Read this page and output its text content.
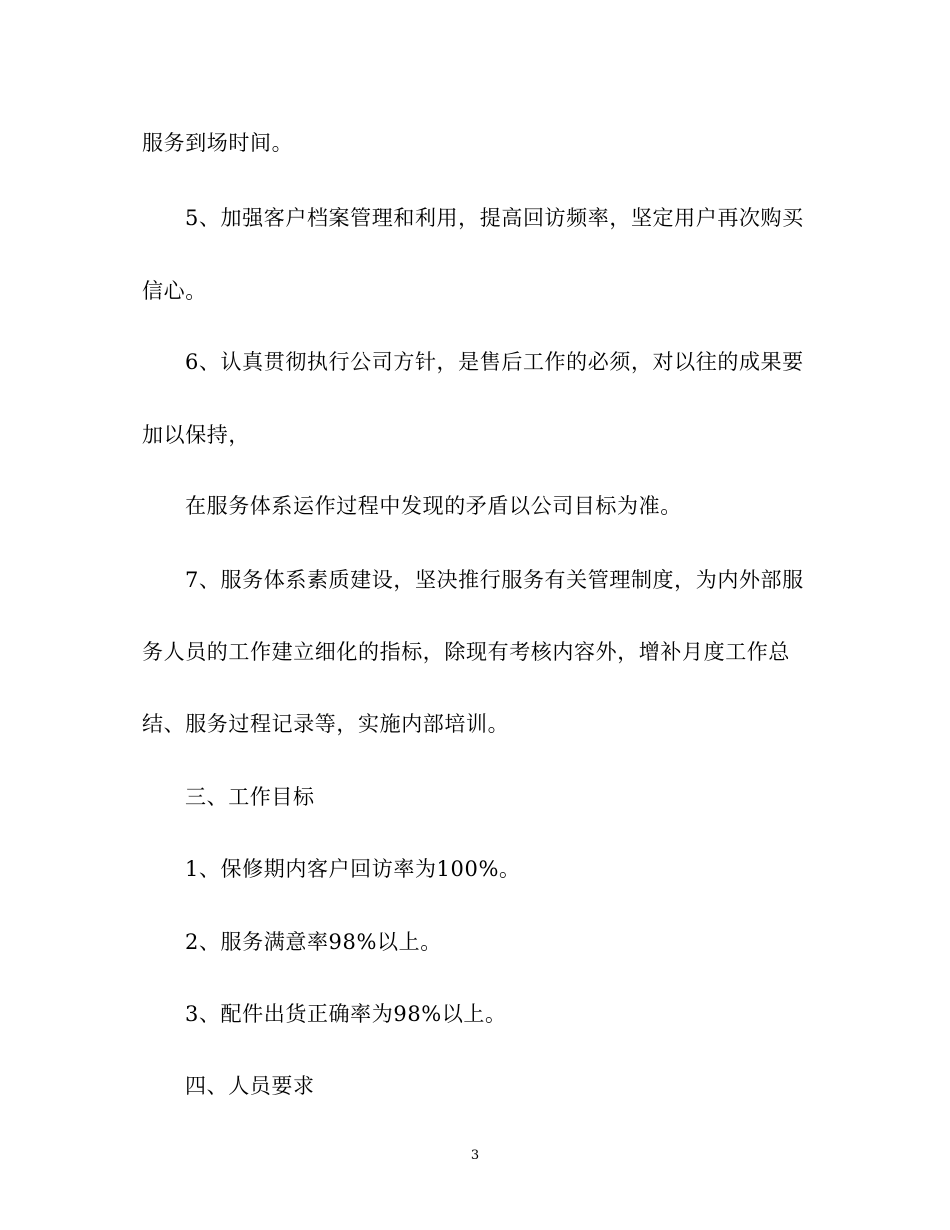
服务到场时间。
5、加强客户档案管理和利用，提高回访频率，坚定用户再次购买
信心。
6、认真贯彻执行公司方针，是售后工作的必须，对以往的成果要
加以保持，
在服务体系运作过程中发现的矛盾以公司目标为准。
7、服务体系素质建设，坚决推行服务有关管理制度，为内外部服
务人员的工作建立细化的指标，除现有考核内容外，增补月度工作总
结、服务过程记录等，实施内部培训。
三、工作目标
1、保修期内客户回访率为100%。
2、服务满意率98%以上。
3、配件出货正确率为98%以上。
四、人员要求
3
